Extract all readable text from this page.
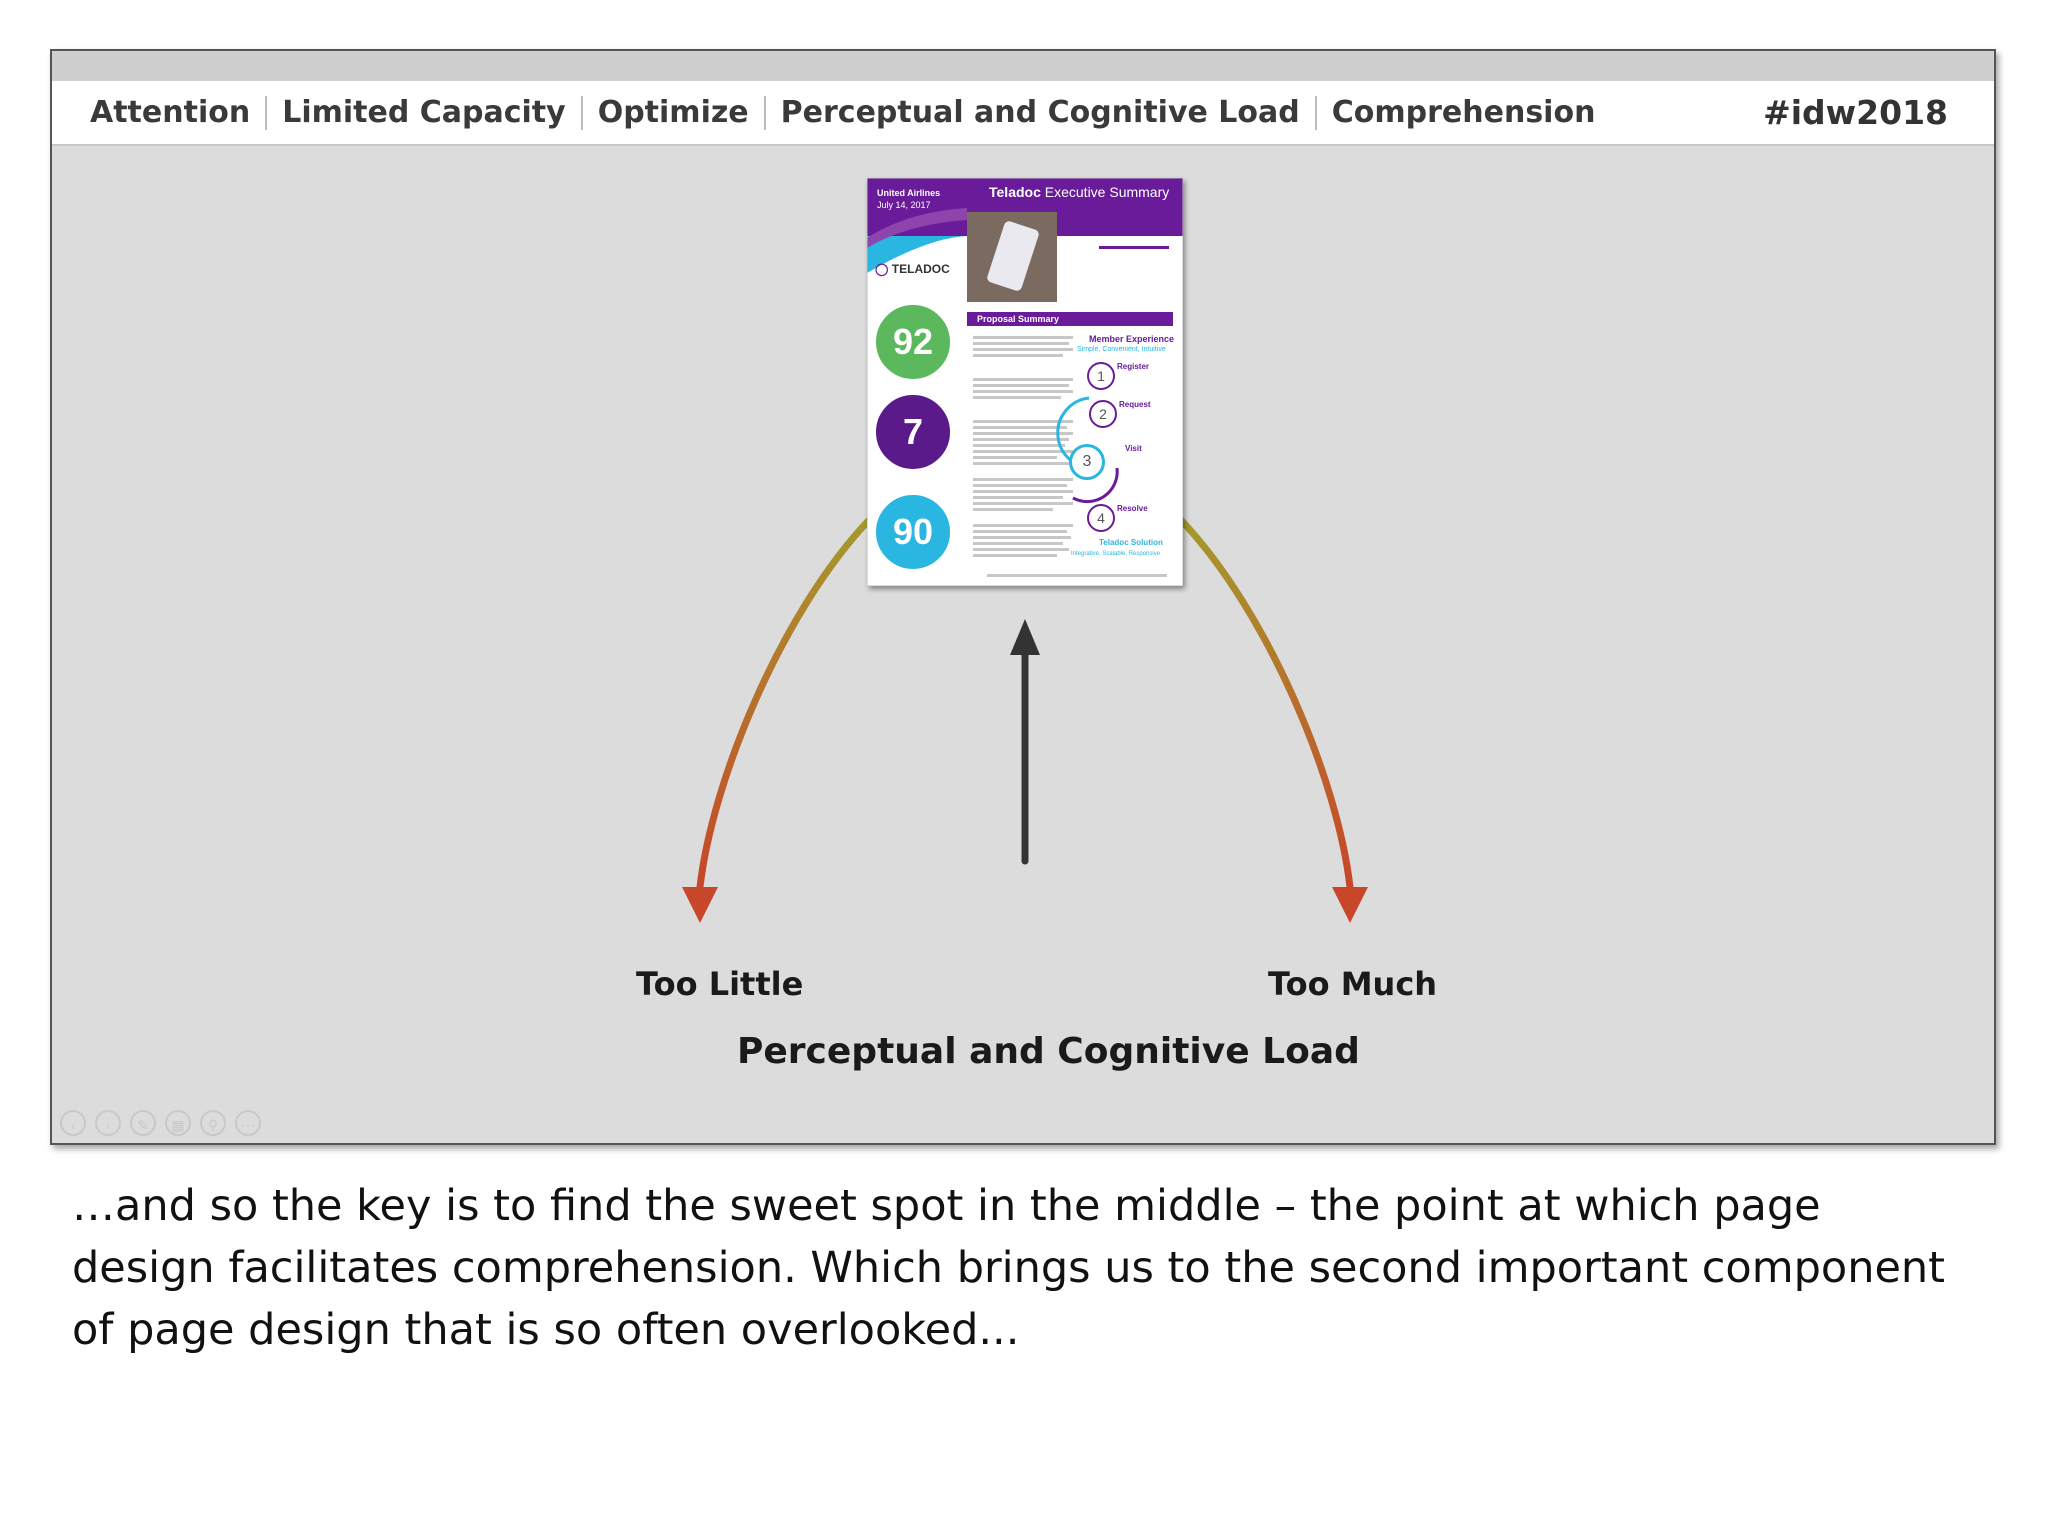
Attention Limited Capacity Optimize Perceptual and Cognitive Load Comprehension	#idw2018
United Airlines
July 14, 2017
Teladoc Executive Summary
◯ TELADOC
Proposal Summary
Member Experience
Simple, Convenient, Intuitive
92
7
90
1
Register
2
Request
3
Visit
4
Resolve
Teladoc Solution
Integrative, Scalable, Responsive
Too Little	Too Much
Perceptual and Cognitive Load
‹	›	✎	▦	⚲	⋯
…and so the key is to find the sweet spot in the middle – the point at which page design facilitates comprehension. Which brings us to the second important component of page design that is so often overlooked...
